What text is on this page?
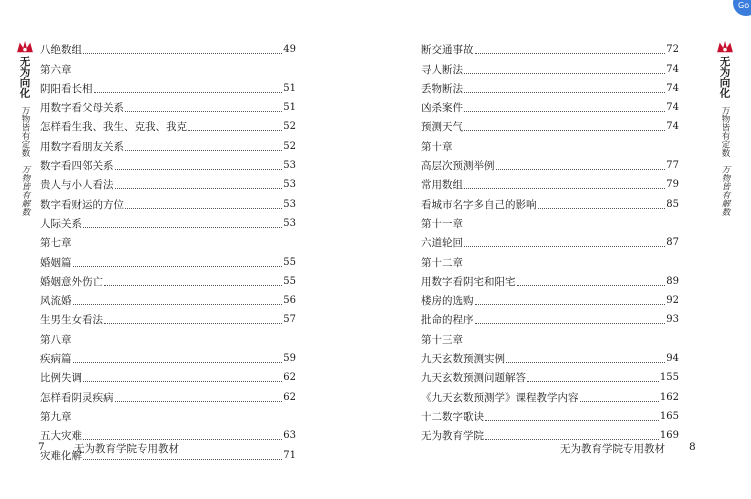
无为向化
万物皆有定数
万物皆有解数
八绝数组	49
第六章
阴阳看长相	51
用数字看父母关系	51
怎样看生我、我生、克我、我克	52
用数字看朋友关系	52
数字看四邻关系	53
贵人与小人看法	53
数字看财运的方位	53
人际关系	53
第七章
婚姻篇	55
婚姻意外伤亡	55
风流婚	56
生男生女看法	57
第八章
疾病篇	59
比例失调	62
怎样看阴灵疾病	62
第九章
五大灾难	63
灾难化解	71
7	无为教育学院专用教材
断交通事故	72
寻人断法	74
丢物断法	74
凶杀案件	74
预测天气	74
第十章
高层次预测举例	77
常用数组	79
看城市名字多自己的影响	85
第十一章
六道轮回	87
第十二章
用数字看阴宅和阳宅	89
楼房的选购	92
批命的程序	93
第十三章
九天玄数预测实例	94
九天玄数预测问题解答	155
《九天玄数预测学》课程教学内容	162
十二数字歌诀	165
无为教育学院	169
无为向化
万物皆有定数
万物皆有解数
无为教育学院专用教材 8
Go
